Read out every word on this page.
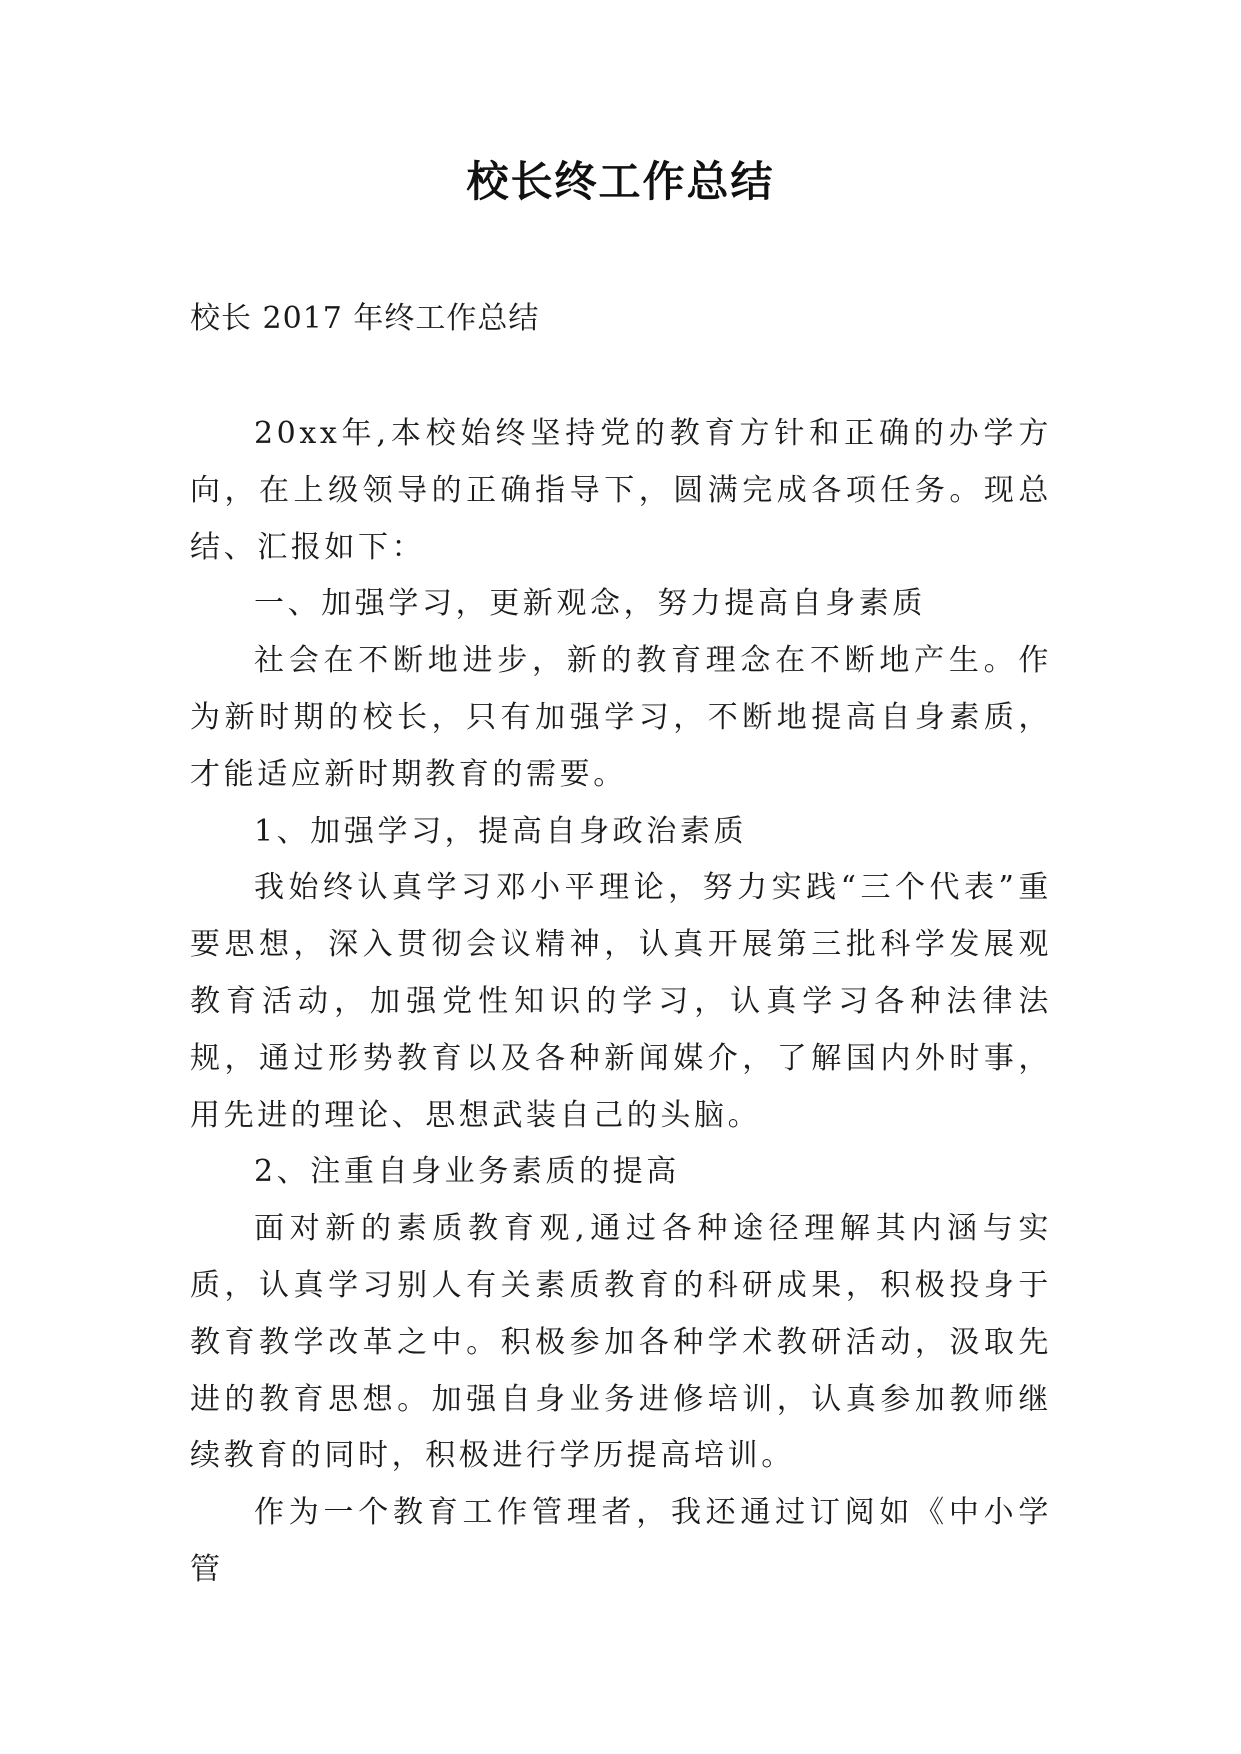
校长终工作总结
校长 2017 年终工作总结

20xx年,本校始终坚持党的教育方针和正确的办学方向，在上级领导的正确指导下，圆满完成各项任务。现总结、汇报如下：

一、加强学习，更新观念，努力提高自身素质

社会在不断地进步，新的教育理念在不断地产生。作为新时期的校长，只有加强学习，不断地提高自身素质，才能适应新时期教育的需要。

1、加强学习，提高自身政治素质

我始终认真学习邓小平理论，努力实践“三个代表”重要思想，深入贯彻会议精神，认真开展第三批科学发展观教育活动，加强党性知识的学习，认真学习各种法律法规，通过形势教育以及各种新闻媒介，了解国内外时事，用先进的理论、思想武装自己的头脑。

2、注重自身业务素质的提高

面对新的素质教育观,通过各种途径理解其内涵与实质，认真学习别人有关素质教育的科研成果，积极投身于教育教学改革之中。积极参加各种学术教研活动，汲取先进的教育思想。加强自身业务进修培训，认真参加教师继续教育的同时，积极进行学历提高培训。

作为一个教育工作管理者，我还通过订阅如《中小学管
